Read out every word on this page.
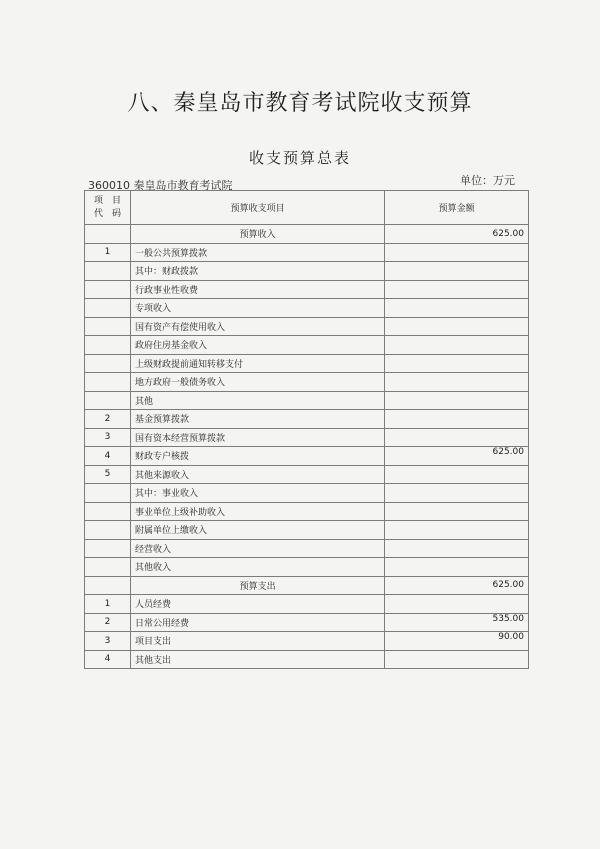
八、秦皇岛市教育考试院收支预算
收支预算总表
360010 秦皇岛市教育考试院	单位：万元
项　目
代　码	预算收支项目	预算金额
	预算收入	625.00
1	一般公共预算拨款	
	其中：财政拨款	
	行政事业性收费	
	专项收入	
	国有资产有偿使用收入	
	政府住房基金收入	
	上级财政提前通知转移支付	
	地方政府一般债务收入	
	其他	
2	基金预算拨款	
3	国有资本经营预算拨款	
4	财政专户核拨	625.00
5	其他来源收入	
	其中：事业收入	
	事业单位上级补助收入	
	附属单位上缴收入	
	经营收入	
	其他收入	
	预算支出	625.00
1	人员经费	
2	日常公用经费	535.00
3	项目支出	90.00
4	其他支出	
